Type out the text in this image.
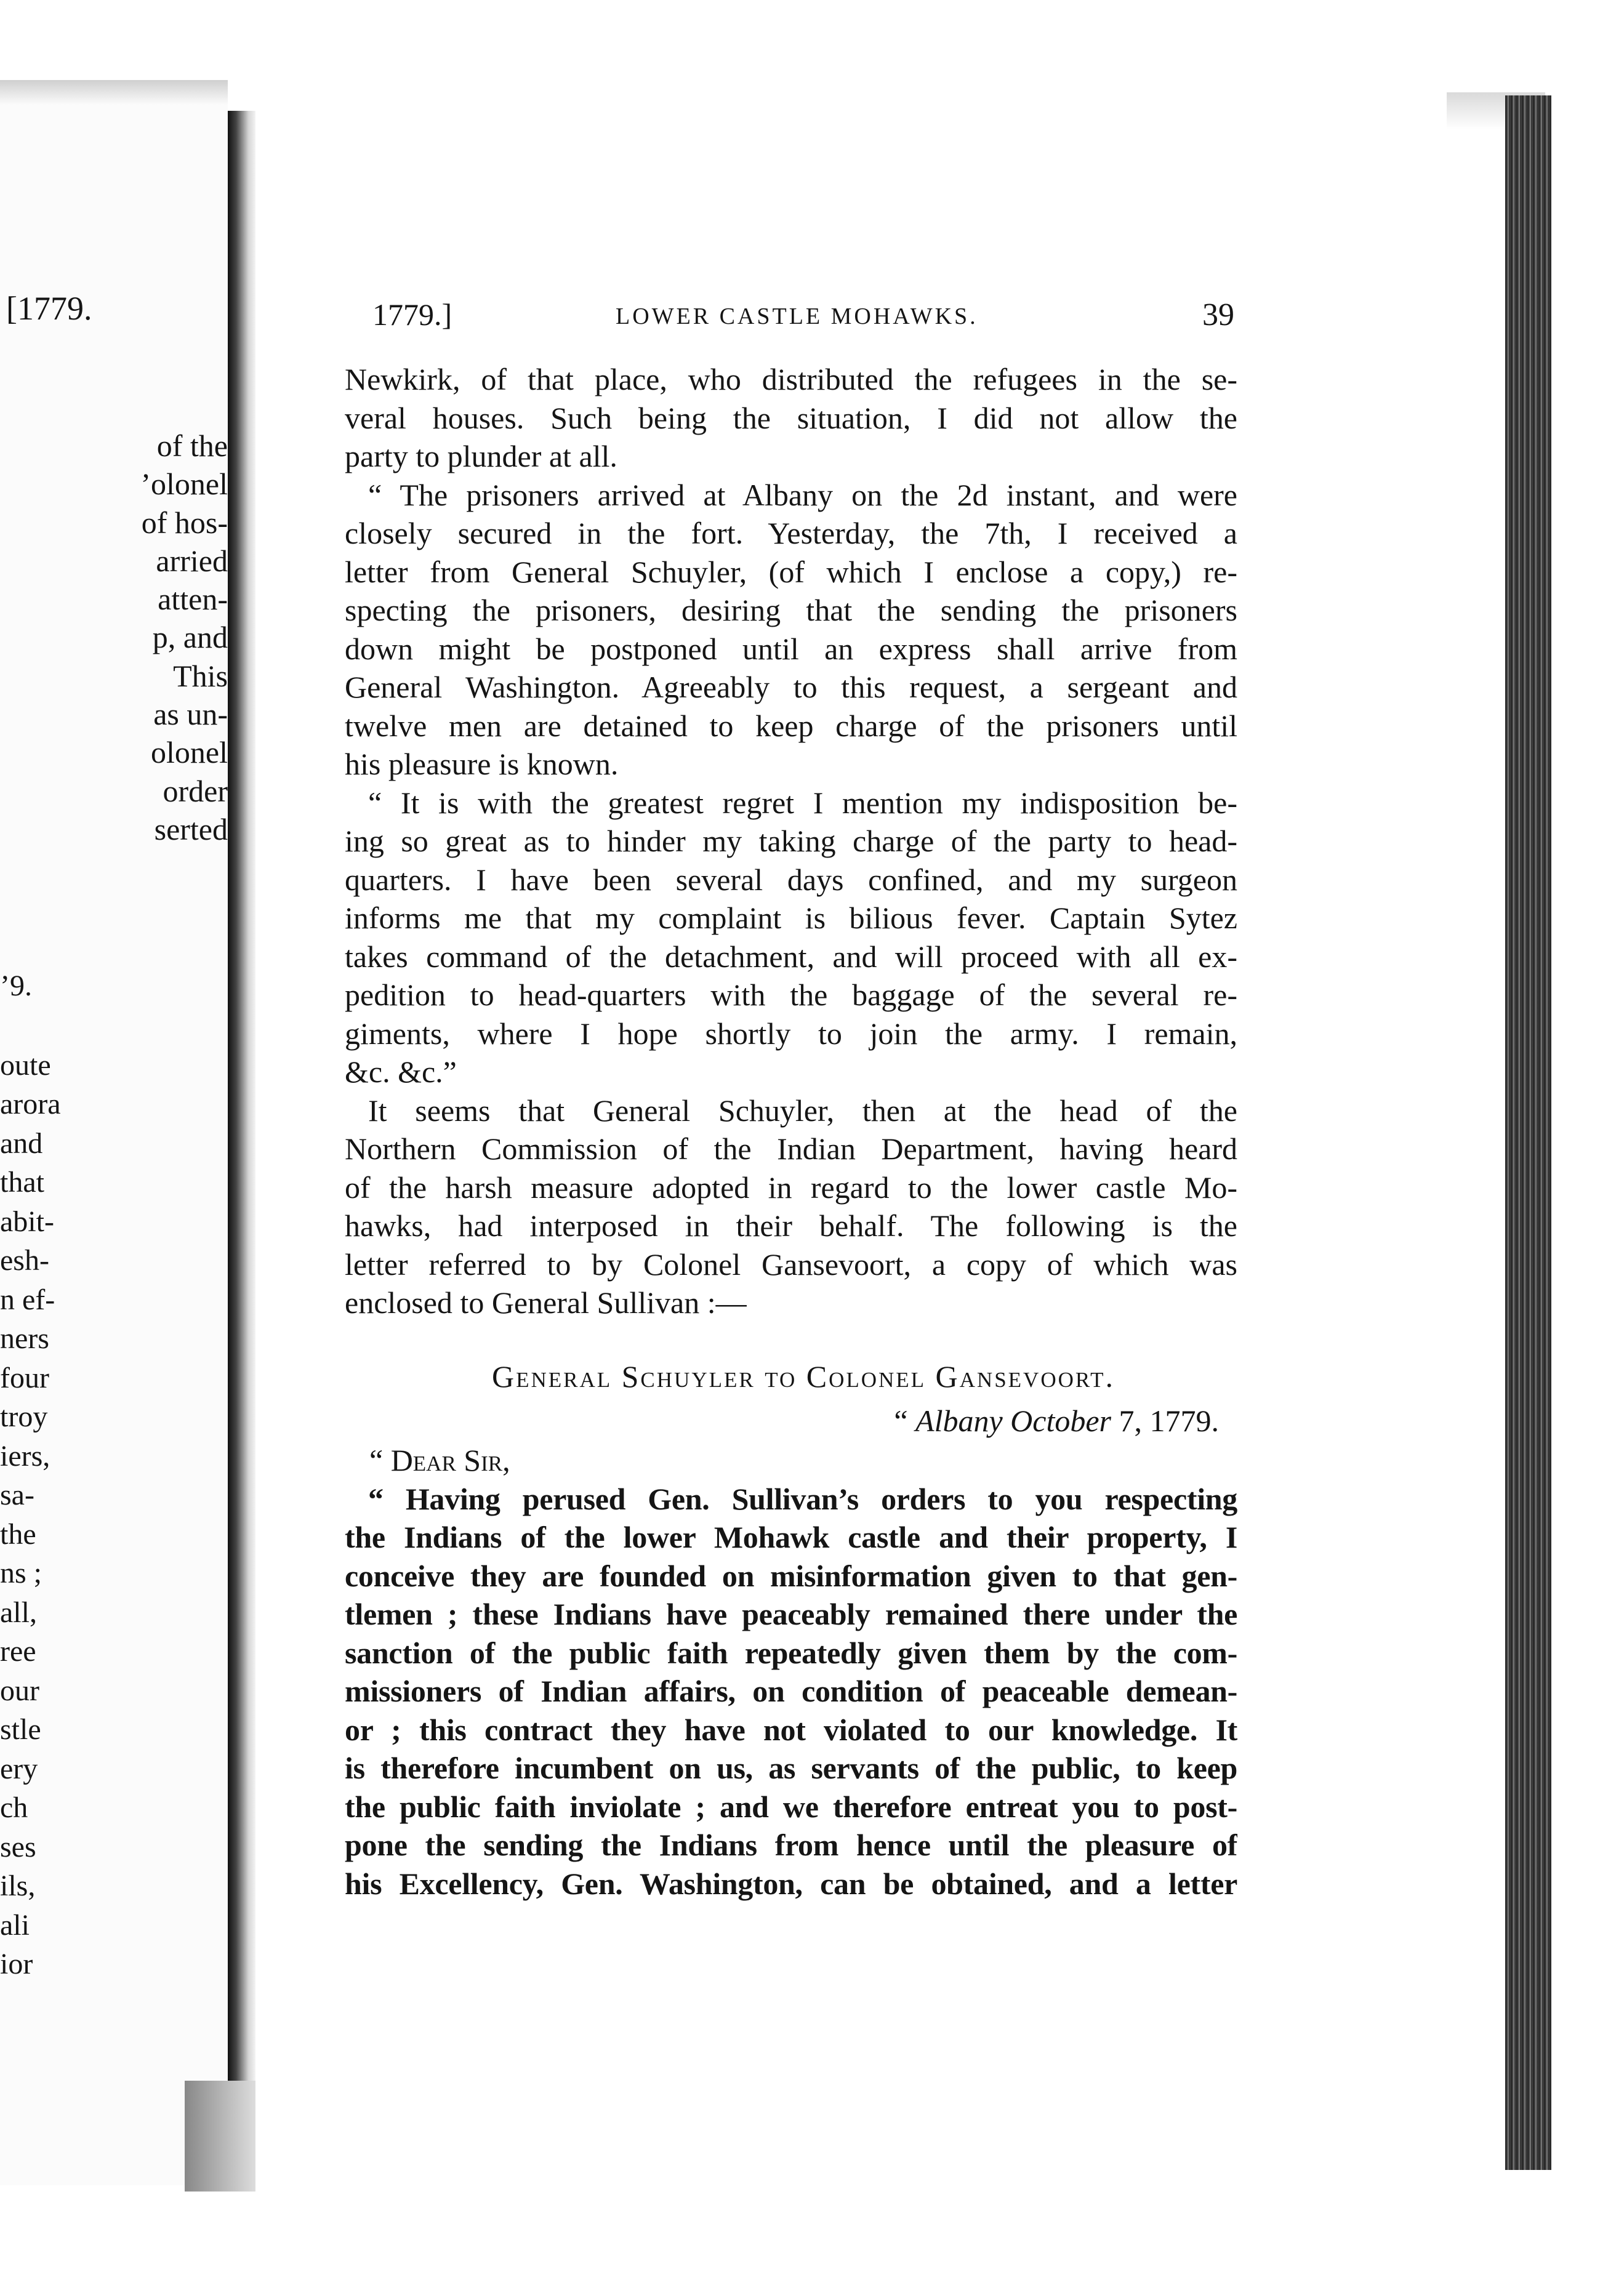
[1779.
of the
’olonel
of hos-
arried
atten-
p, and
This
as un-
olonel
order
serted
’9.
oute
arora
and
that
abit-
esh-
n ef-
ners
four
troy
iers,
sa-
the
ns ;
all,
ree
our
stle
ery
ch
ses
ils,
ali
ior
1779.]	LOWER CASTLE MOHAWKS.	39
Newkirk, of that place, who distributed the refugees in the se-
veral houses. Such being the situation, I did not allow the
party to plunder at all.
“ The prisoners arrived at Albany on the 2d instant, and were
closely secured in the fort. Yesterday, the 7th, I received a
letter from General Schuyler, (of which I enclose a copy,) re-
specting the prisoners, desiring that the sending the prisoners
down might be postponed until an express shall arrive from
General Washington. Agreeably to this request, a sergeant and
twelve men are detained to keep charge of the prisoners until
his pleasure is known.
“ It is with the greatest regret I mention my indisposition be-
ing so great as to hinder my taking charge of the party to head-
quarters. I have been several days confined, and my surgeon
informs me that my complaint is bilious fever. Captain Sytez
takes command of the detachment, and will proceed with all ex-
pedition to head-quarters with the baggage of the several re-
giments, where I hope shortly to join the army. I remain,
&c. &c.”
It seems that General Schuyler, then at the head of the
Northern Commission of the Indian Department, having heard
of the harsh measure adopted in regard to the lower castle Mo-
hawks, had interposed in their behalf. The following is the
letter referred to by Colonel Gansevoort, a copy of which was
enclosed to General Sullivan :—
General Schuyler to Colonel Gansevoort.
“ Albany October 7, 1779.
“ Dear Sir,
“ Having perused Gen. Sullivan’s orders to you respecting
the Indians of the lower Mohawk castle and their property, I
conceive they are founded on misinformation given to that gen-
tlemen ; these Indians have peaceably remained there under the
sanction of the public faith repeatedly given them by the com-
missioners of Indian affairs, on condition of peaceable demean-
or ; this contract they have not violated to our knowledge. It
is therefore incumbent on us, as servants of the public, to keep
the public faith inviolate ; and we therefore entreat you to post-
pone the sending the Indians from hence until the pleasure of
his Excellency, Gen. Washington, can be obtained, and a letter
